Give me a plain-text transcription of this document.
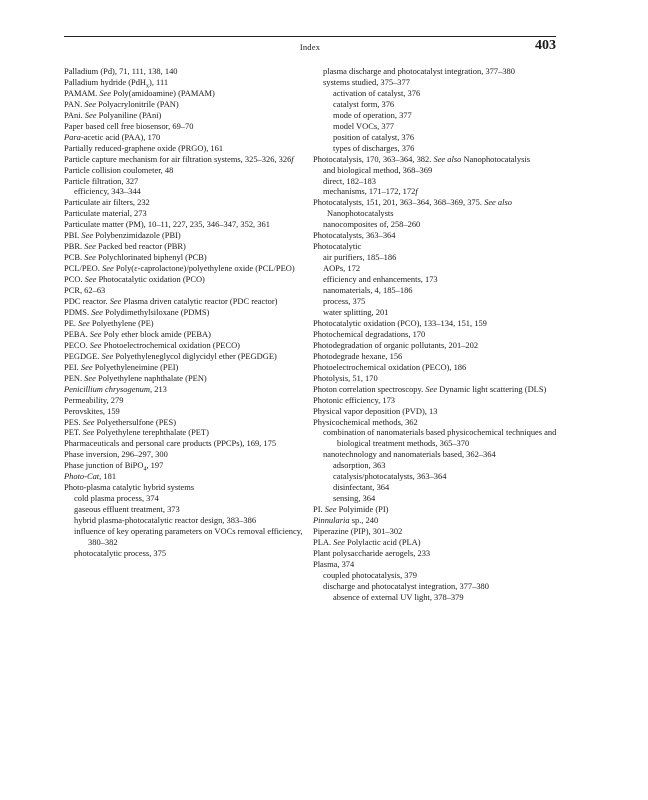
Index	403
Palladium (Pd), 71, 111, 138, 140
Palladium hydride (PdH$_x$), 111
PAMAM. See Poly(amidoamine) (PAMAM)
PAN. See Polyacrylonitrile (PAN)
PAni. See Polyaniline (PAni)
Paper based cell free biosensor, 69–70
Para-acetic acid (PAA), 170
Partially reduced-graphene oxide (PRGO), 161
Particle capture mechanism for air filtration systems, 325–326, 326f
Particle collision coulometer, 48
Particle filtration, 327
efficiency, 343–344
Particulate air filters, 232
Particulate material, 273
Particulate matter (PM), 10–11, 227, 235, 346–347, 352, 361
PBI. See Polybenzimidazole (PBI)
PBR. See Packed bed reactor (PBR)
PCB. See Polychlorinated biphenyl (PCB)
PCL/PEO. See Poly(ε-caprolactone)/polyethylene oxide (PCL/PEO)
PCO. See Photocatalytic oxidation (PCO)
PCR, 62–63
PDC reactor. See Plasma driven catalytic reactor (PDC reactor)
PDMS. See Polydimethylsiloxane (PDMS)
PE. See Polyethylene (PE)
PEBA. See Poly ether block amide (PEBA)
PECO. See Photoelectrochemical oxidation (PECO)
PEGDGE. See Polyethyleneglycol diglycidyl ether (PEGDGE)
PEI. See Polyethyleneimine (PEI)
PEN. See Polyethylene naphthalate (PEN)
Penicillium chrysogenum, 213
Permeability, 279
Perovskites, 159
PES. See Polyethersulfone (PES)
PET. See Polyethylene terephthalate (PET)
Pharmaceuticals and personal care products (PPCPs), 169, 175
Phase inversion, 296–297, 300
Phase junction of BiPO$_4$, 197
Photo-Cat, 181
Photo-plasma catalytic hybrid systems
cold plasma process, 374
gaseous effluent treatment, 373
hybrid plasma-photocatalytic reactor design, 383–386
influence of key operating parameters on VOCs removal efficiency, 380–382
photocatalytic process, 375
plasma discharge and photocatalyst integration, 377–380
systems studied, 375–377
activation of catalyst, 376
catalyst form, 376
mode of operation, 377
model VOCs, 377
position of catalyst, 376
types of discharges, 376
Photocatalysis, 170, 363–364, 382. See also Nanophotocatalysis
and biological method, 368–369
direct, 182–183
mechanisms, 171–172, 172f
Photocatalysts, 151, 201, 363–364, 368–369, 375. See also Nanophotocatalysts
nanocomposites of, 258–260
Photocatalysts, 363–364
Photocatalytic
air purifiers, 185–186
AOPs, 172
efficiency and enhancements, 173
nanomaterials, 4, 185–186
process, 375
water splitting, 201
Photocatalytic oxidation (PCO), 133–134, 151, 159
Photochemical degradations, 170
Photodegradation of organic pollutants, 201–202
Photodegrade hexane, 156
Photoelectrochemical oxidation (PECO), 186
Photolysis, 51, 170
Photon correlation spectroscopy. See Dynamic light scattering (DLS)
Photonic efficiency, 173
Physical vapor deposition (PVD), 13
Physicochemical methods, 362
combination of nanomaterials based physicochemical techniques and biological treatment methods, 365–370
nanotechnology and nanomaterials based, 362–364
adsorption, 363
catalysis/photocatalysts, 363–364
disinfectant, 364
sensing, 364
PI. See Polyimide (PI)
Pinnularia sp., 240
Piperazine (PIP), 301–302
PLA. See Polylactic acid (PLA)
Plant polysaccharide aerogels, 233
Plasma, 374
coupled photocatalysis, 379
discharge and photocatalyst integration, 377–380
absence of external UV light, 378–379
